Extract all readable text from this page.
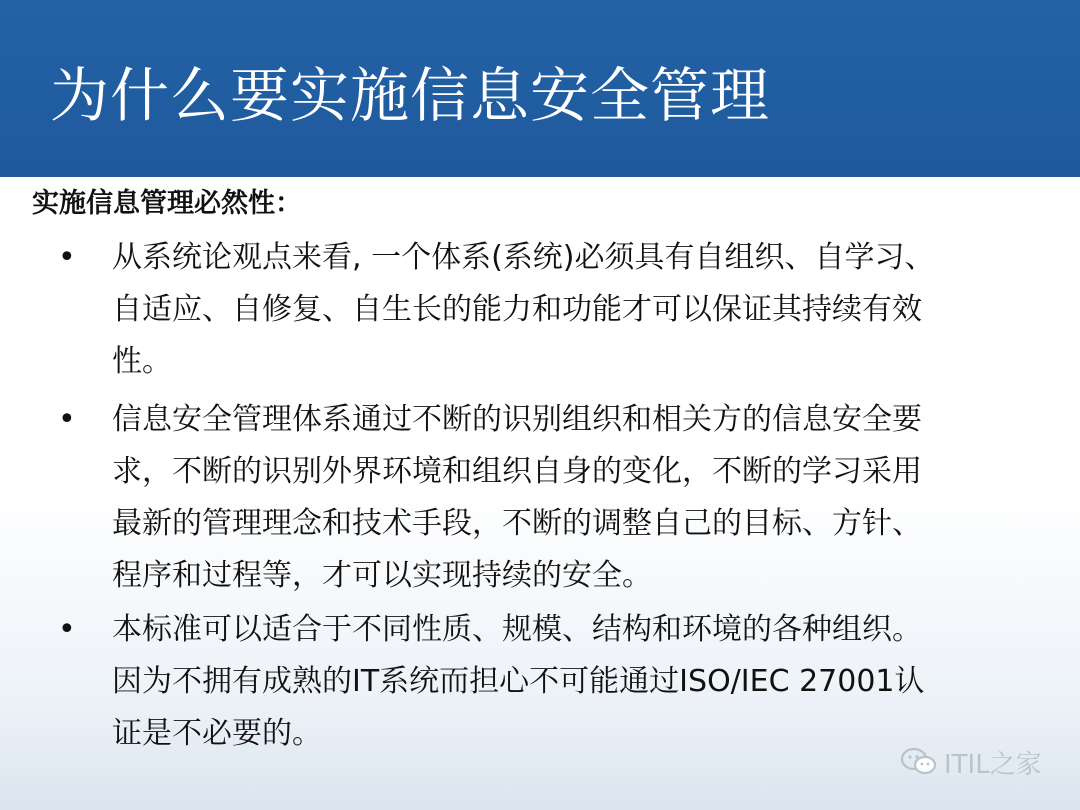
为什么要实施信息安全管理
实施信息管理必然性：
• 从系统论观点来看, 一个体系(系统)必须具有自组织、自学习、
自适应、自修复、自生长的能力和功能才可以保证其持续有效
性。
• 信息安全管理体系通过不断的识别组织和相关方的信息安全要
求，不断的识别外界环境和组织自身的变化，不断的学习采用
最新的管理理念和技术手段，不断的调整自己的目标、方针、
程序和过程等，才可以实现持续的安全。
• 本标准可以适合于不同性质、规模、结构和环境的各种组织。
因为不拥有成熟的IT系统而担心不可能通过ISO/IEC 27001认
证是不必要的。
ITIL之家
